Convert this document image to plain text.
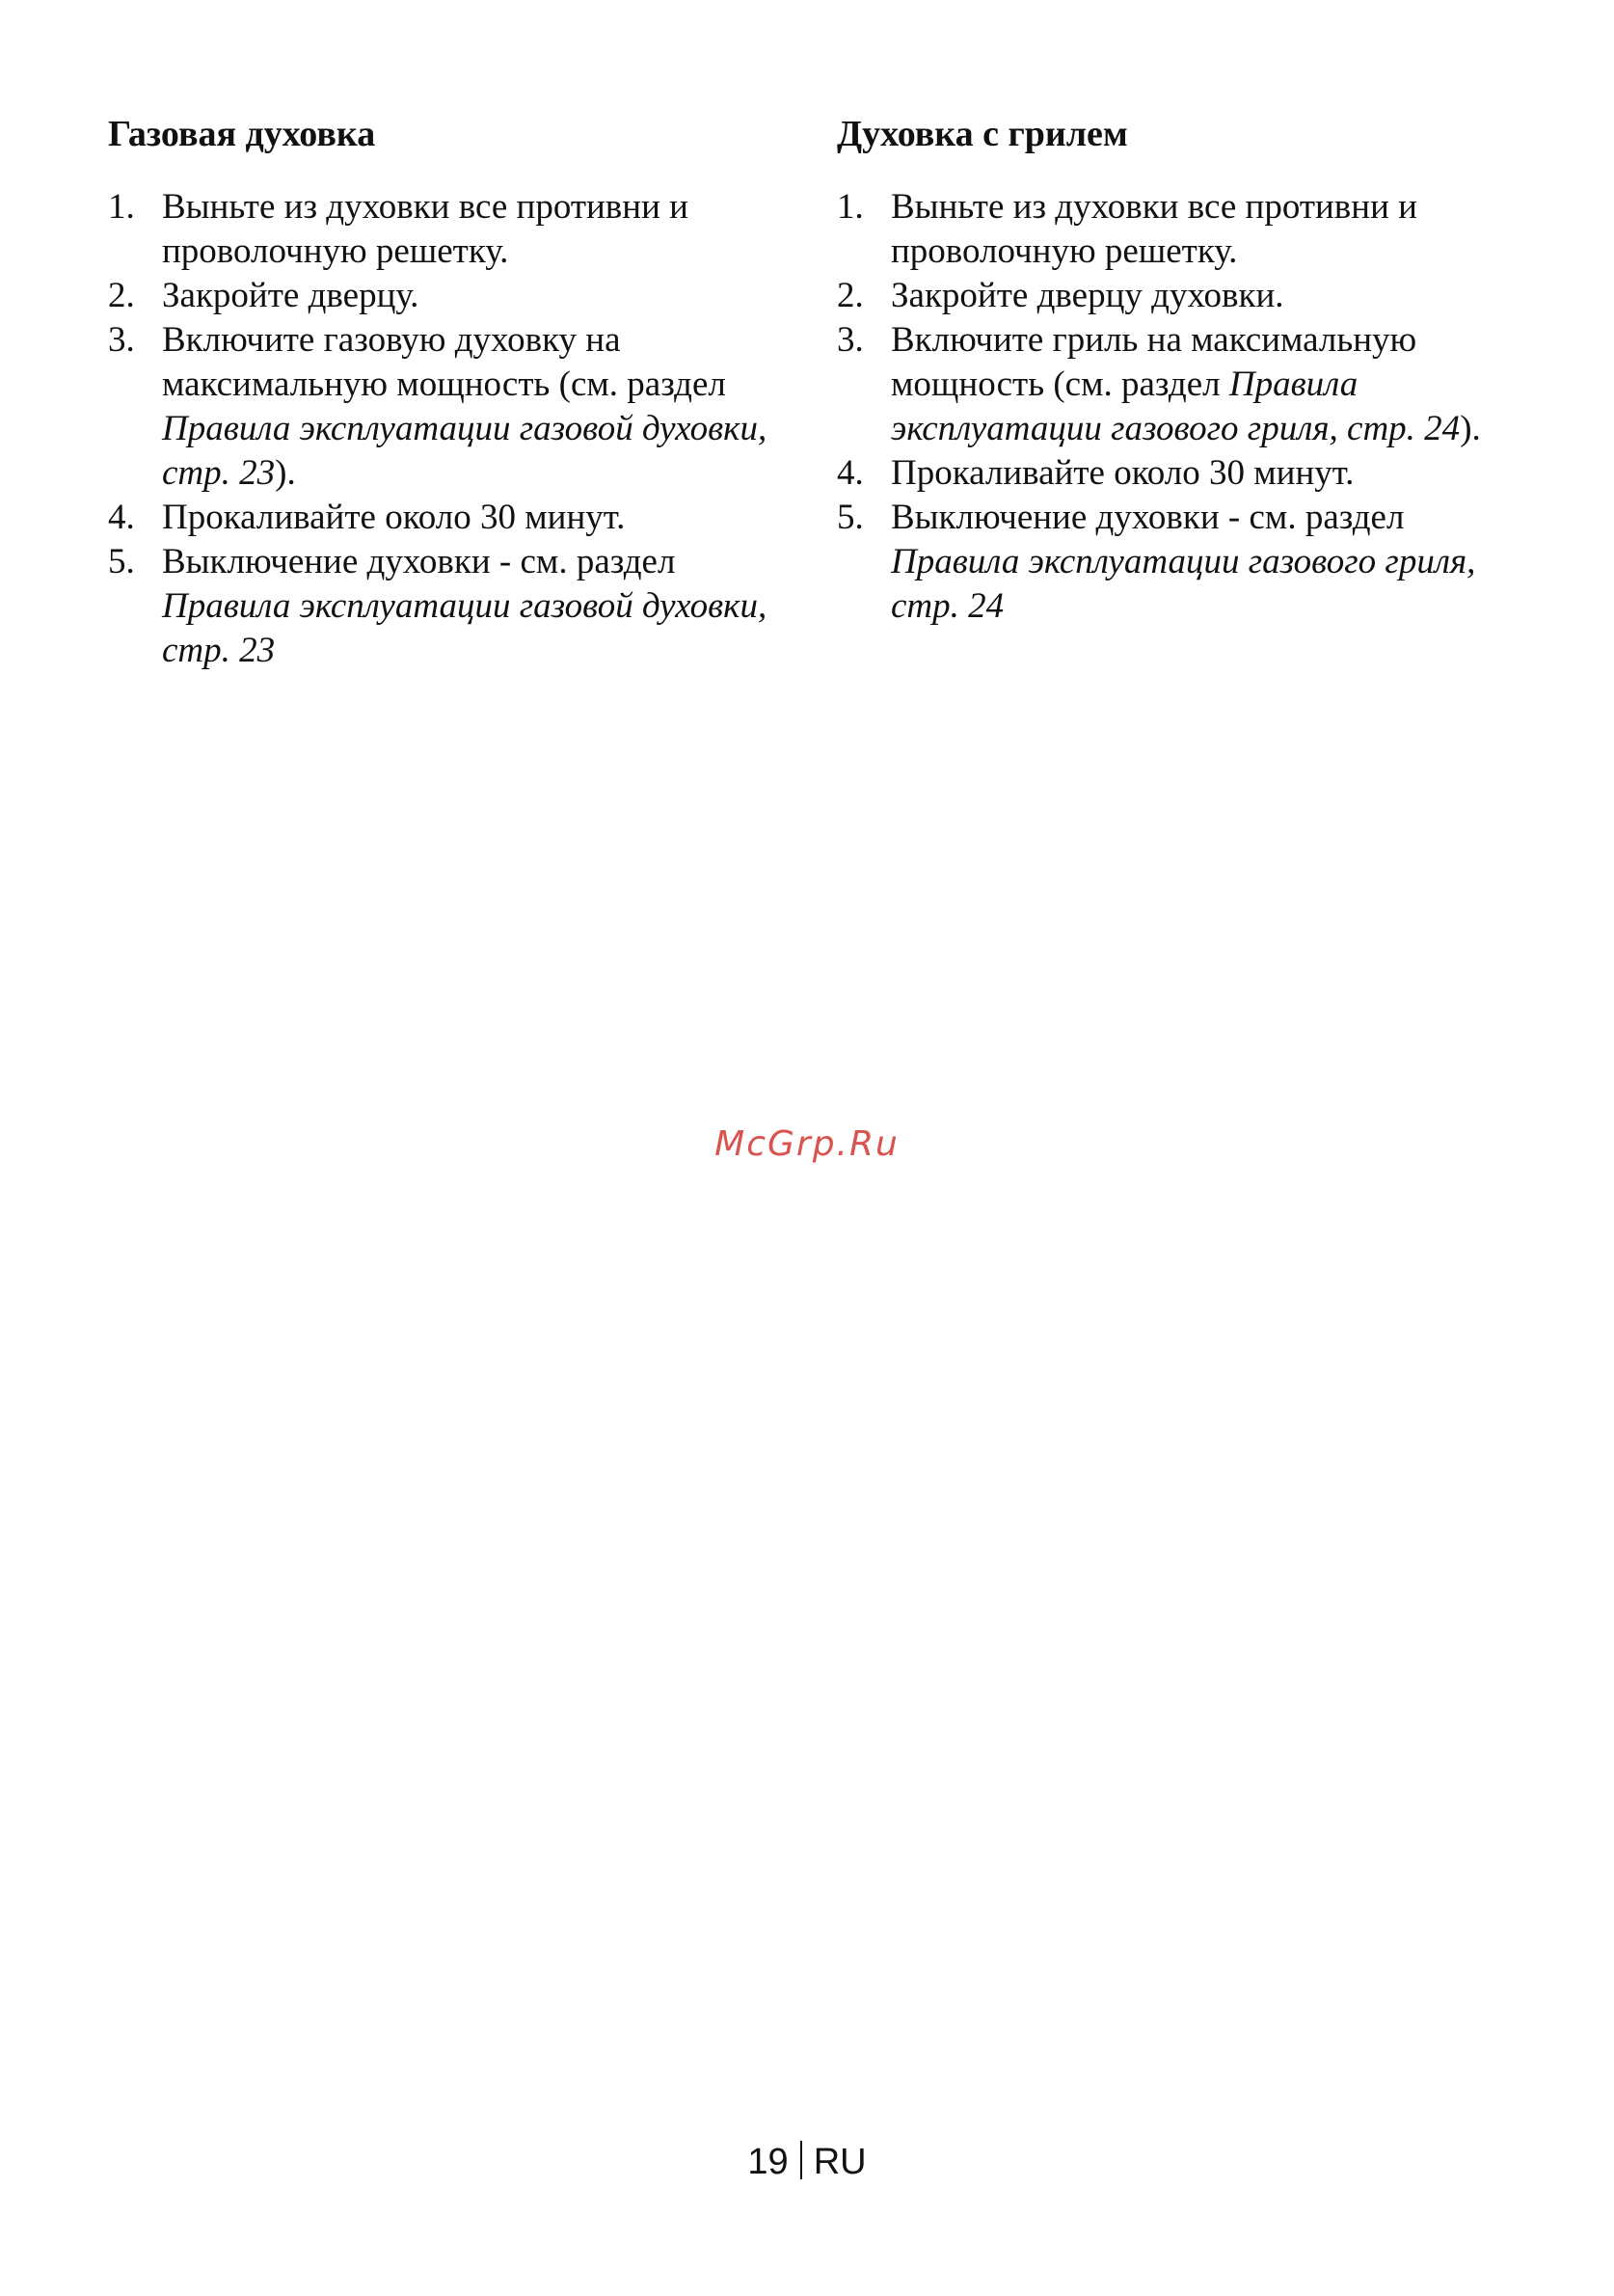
Газовая духовка
1. Выньте из духовки все противни и проволочную решетку.
2. Закройте дверцу.
3. Включите газовую духовку на максимальную мощность (см. раздел Правила эксплуатации газовой духовки, стр. 23).
4. Прокаливайте около 30 минут.
5. Выключение духовки - см. раздел Правила эксплуатации газовой духовки, стр. 23
Духовка с грилем
1. Выньте из духовки все противни и проволочную решетку.
2. Закройте дверцу духовки.
3. Включите гриль на максимальную мощность (см. раздел Правила эксплуатации газового гриля, стр. 24).
4. Прокаливайте около 30 минут.
5. Выключение духовки - см. раздел Правила эксплуатации газового гриля, стр. 24
McGrp.Ru
19 RU
